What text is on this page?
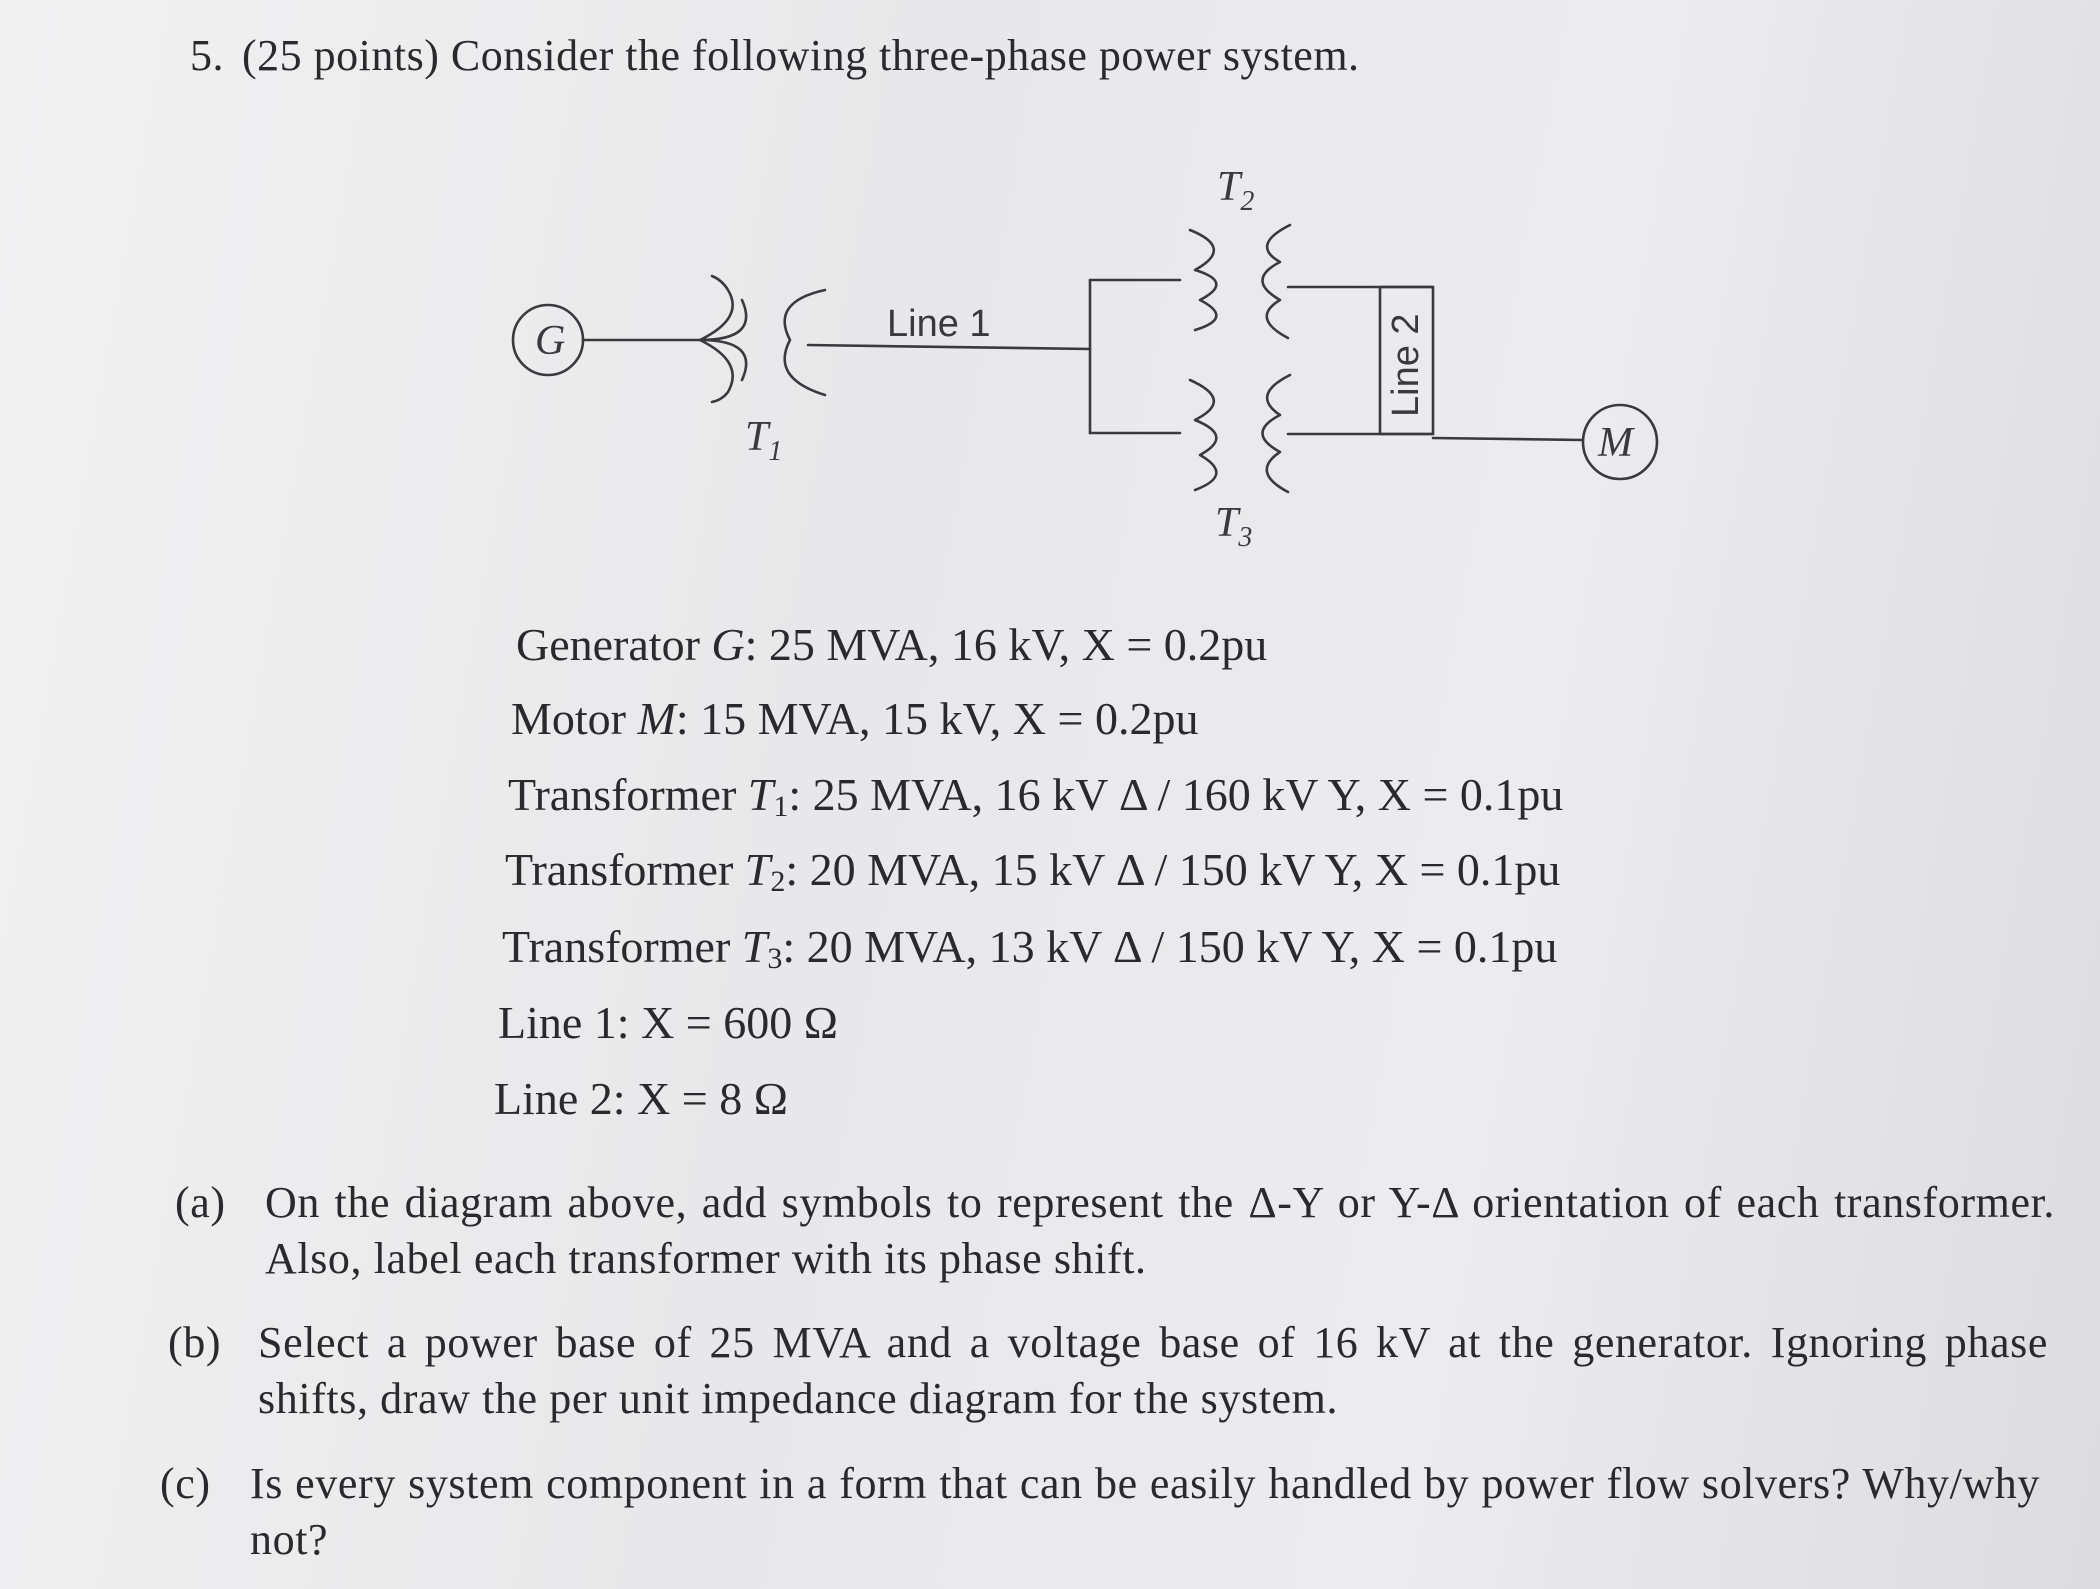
5. (25 points) Consider the following three-phase power system.
G
M
$T_1$
$T_2$
$T_3$
Line 1	Line 2
Generator G: 25 MVA, 16 kV, X = 0.2pu
Motor M: 15 MVA, 15 kV, X = 0.2pu
Transformer $T_1$: 25 MVA, 16 kV Δ / 160 kV Y, X = 0.1pu
Transformer $T_2$: 20 MVA, 15 kV Δ / 150 kV Y, X = 0.1pu
Transformer $T_3$: 20 MVA, 13 kV Δ / 150 kV Y, X = 0.1pu
Line 1: X = 600 Ω
Line 2: X = 8 Ω
(a) On the diagram above, add symbols to represent the Δ-Y or Y-Δ orientation of each transformer. Also, label each transformer with its phase shift.
(b) Select a power base of 25 MVA and a voltage base of 16 kV at the generator. Ignoring phase shifts, draw the per unit impedance diagram for the system.
(c) Is every system component in a form that can be easily handled by power flow solvers? Why/why not?
